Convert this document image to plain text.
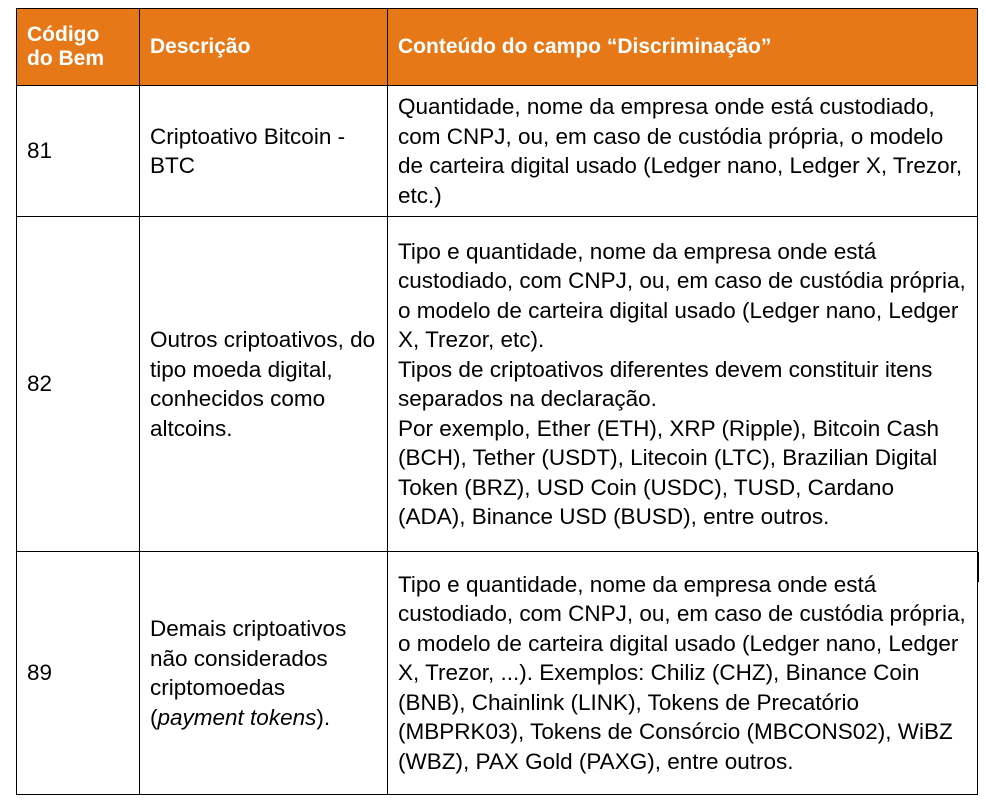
Código do Bem	Descrição	Conteúdo do campo “Discriminação”
81	Criptoativo Bitcoin - BTC	Quantidade, nome da empresa onde está custodiado, com CNPJ, ou, em caso de custódia própria, o modelo de carteira digital usado (Ledger nano, Ledger X, Trezor, etc.)

82	Outros criptoativos, do tipo moeda digital, conhecidos como altcoins.	Tipo e quantidade, nome da empresa onde está custodiado, com CNPJ, ou, em caso de custódia própria, o modelo de carteira digital usado (Ledger nano, Ledger X, Trezor, etc).
Tipos de criptoativos diferentes devem constituir itens separados na declaração.
Por exemplo, Ether (ETH), XRP (Ripple), Bitcoin Cash (BCH), Tether (USDT), Litecoin (LTC), Brazilian Digital Token (BRZ), USD Coin (USDC), TUSD, Cardano (ADA), Binance USD (BUSD), entre outros.

89	Demais criptoativos não considerados criptomoedas (payment tokens).	Tipo e quantidade, nome da empresa onde está custodiado, com CNPJ, ou, em caso de custódia própria, o modelo de carteira digital usado (Ledger nano, Ledger X, Trezor, ...). Exemplos: Chiliz (CHZ), Binance Coin (BNB), Chainlink (LINK), Tokens de Precatório (MBPRK03), Tokens de Consórcio (MBCONS02), WiBZ (WBZ), PAX Gold (PAXG), entre outros.
